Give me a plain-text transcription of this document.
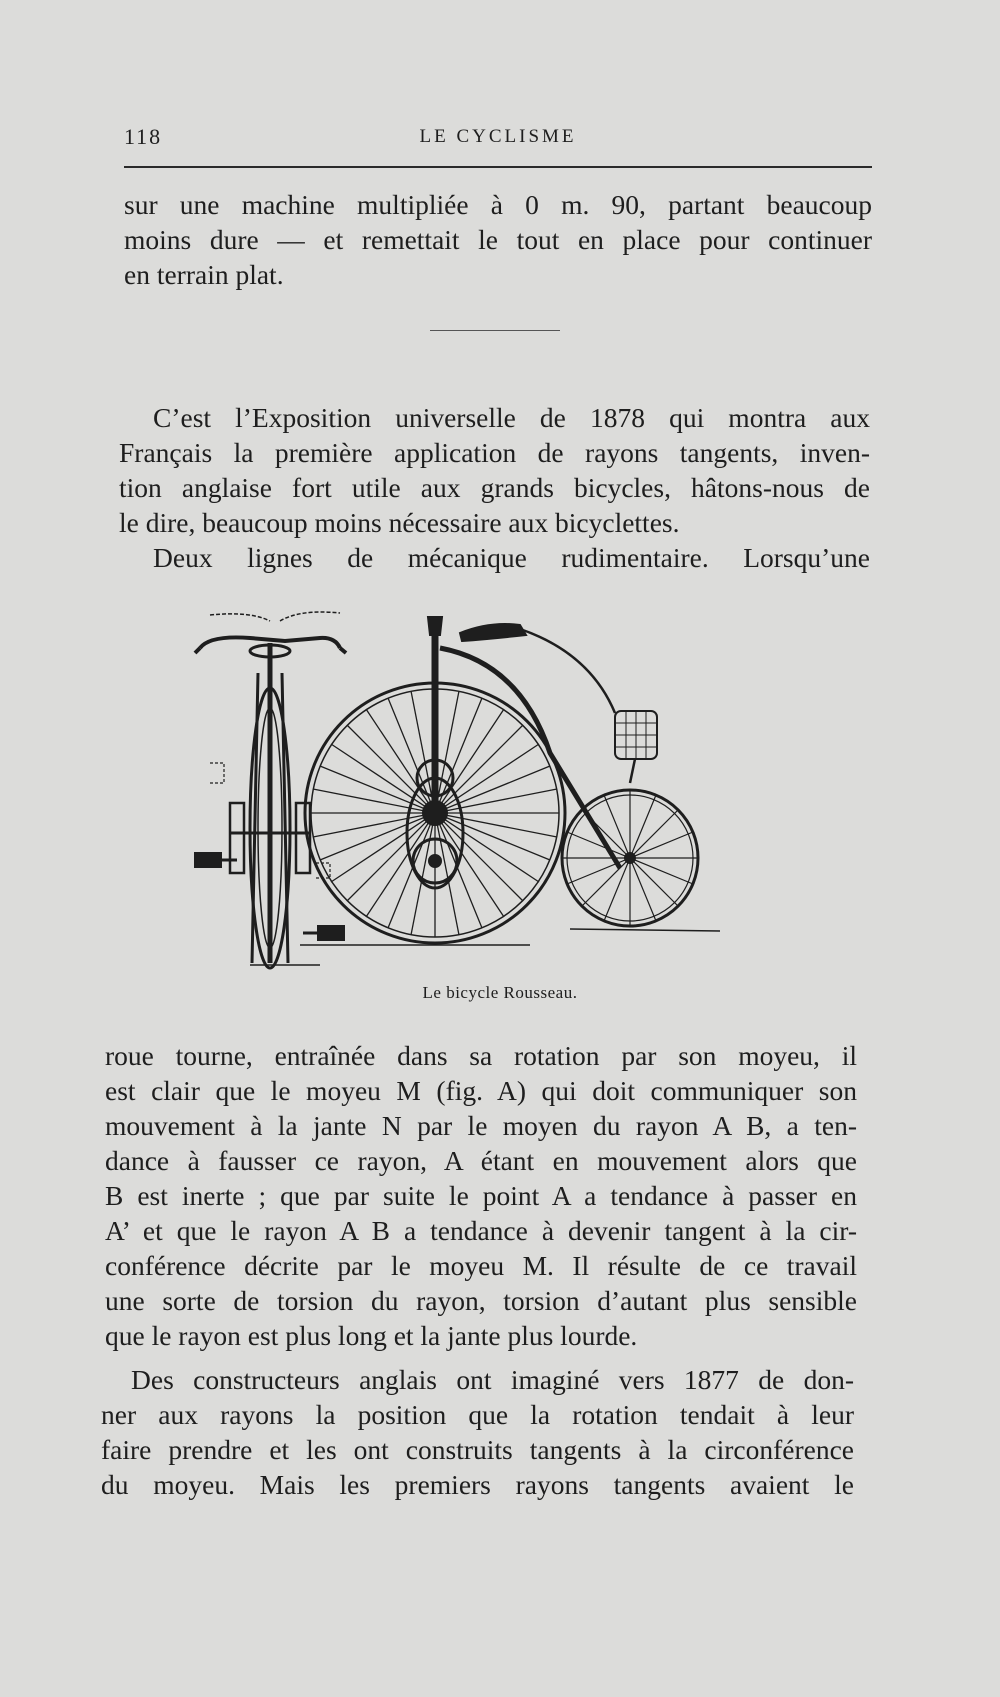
118	LE CYCLISME

sur une machine multipliée à 0 m. 90, partant beaucoup
moins dure — et remettait le tout en place pour continuer
en terrain plat.

C’est l’Exposition universelle de 1878 qui montra aux
Français la première application de rayons tangents, inven-
tion anglaise fort utile aux grands bicycles, hâtons-nous de
le dire, beaucoup moins nécessaire aux bicyclettes.

Deux lignes de mécanique rudimentaire. Lorsqu’une

Le bicycle Rousseau.

roue tourne, entraînée dans sa rotation par son moyeu, il
est clair que le moyeu M (fig. A) qui doit communiquer son
mouvement à la jante N par le moyen du rayon A B, a ten-
dance à fausser ce rayon, A étant en mouvement alors que
B est inerte ; que par suite le point A a tendance à passer en
A’ et que le rayon A B a tendance à devenir tangent à la cir-
conférence décrite par le moyeu M. Il résulte de ce travail
une sorte de torsion du rayon, torsion d’autant plus sensible
que le rayon est plus long et la jante plus lourde.

Des constructeurs anglais ont imaginé vers 1877 de don-
ner aux rayons la position que la rotation tendait à leur
faire prendre et les ont construits tangents à la circonférence
du moyeu. Mais les premiers rayons tangents avaient le
